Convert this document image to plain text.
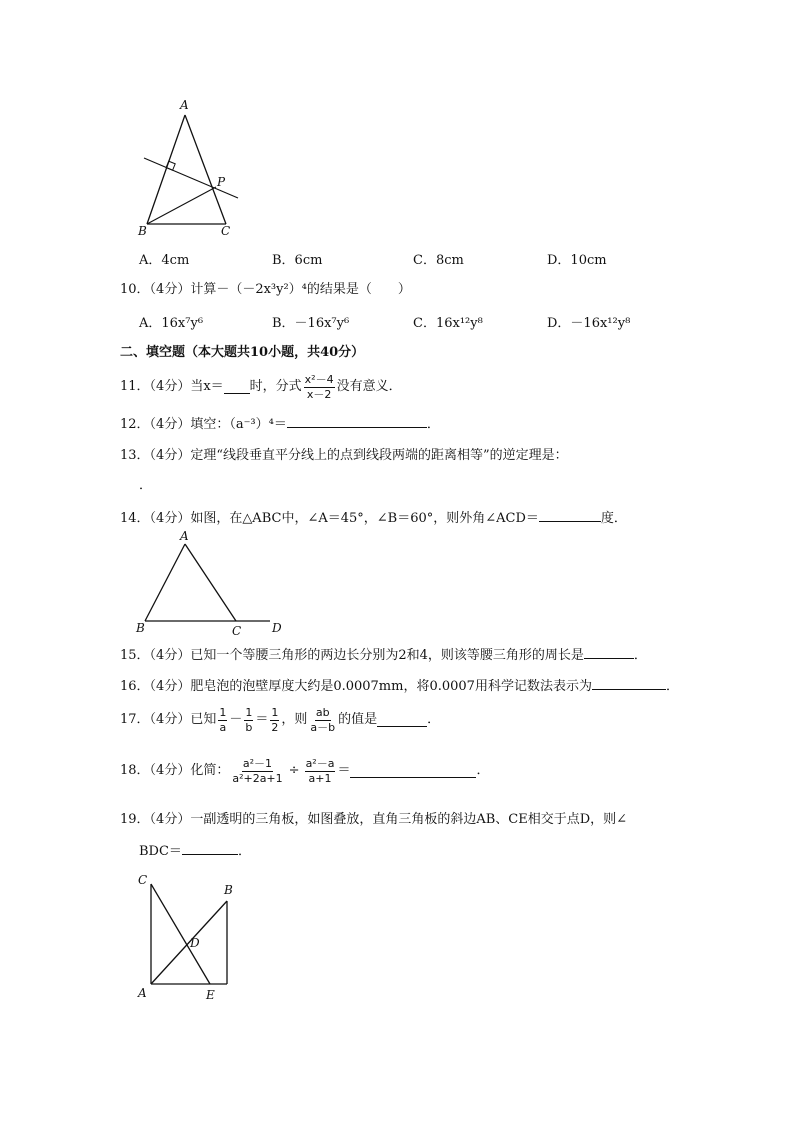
A
P
B	C
A．4cm	B．6cm	C．8cm	D．10cm
10．（4分）计算－（－2x³y²）⁴的结果是（　　）
A．16x⁷y⁶	B．－16x⁷y⁶	C．16x¹²y⁸	D．－16x¹²y⁸
二、填空题（本大题共10小题，共40分）
11．（4分）当x＝ 时，分式 $\frac{\text{x²－4}}{x-2}$ 没有意义．
12．（4分）填空：（a⁻³）⁴＝	．
13．（4分）定理“线段垂直平分线上的点到线段两端的距离相等”的逆定理是：
．
14．（4分）如图，在△ABC中，∠A＝45°，∠B＝60°，则外角∠ACD＝	度．
A
B	C	D
15．（4分）已知一个等腰三角形的两边长分别为2和4，则该等腰三角形的周长是	．
16．（4分）肥皂泡的泡壁厚度大约是0.0007mm，将0.0007用科学记数法表示为	．
17．（4分）已知 $\frac{1}{a} - \frac{1}{b} = \frac{1}{2}$ ，则 $\frac{ab}{a-b}$ 的值是	．
18．（4分）化简： $\frac{\text{a²－1}}{\text{a²+2a+1}} \div \frac{\text{a²－a}}{a+1}$ ＝	．
19．（4分）一副透明的三角板，如图叠放，直角三角板的斜边AB、CE相交于点D，则∠
BDC＝	．
C
B
D
A	E
